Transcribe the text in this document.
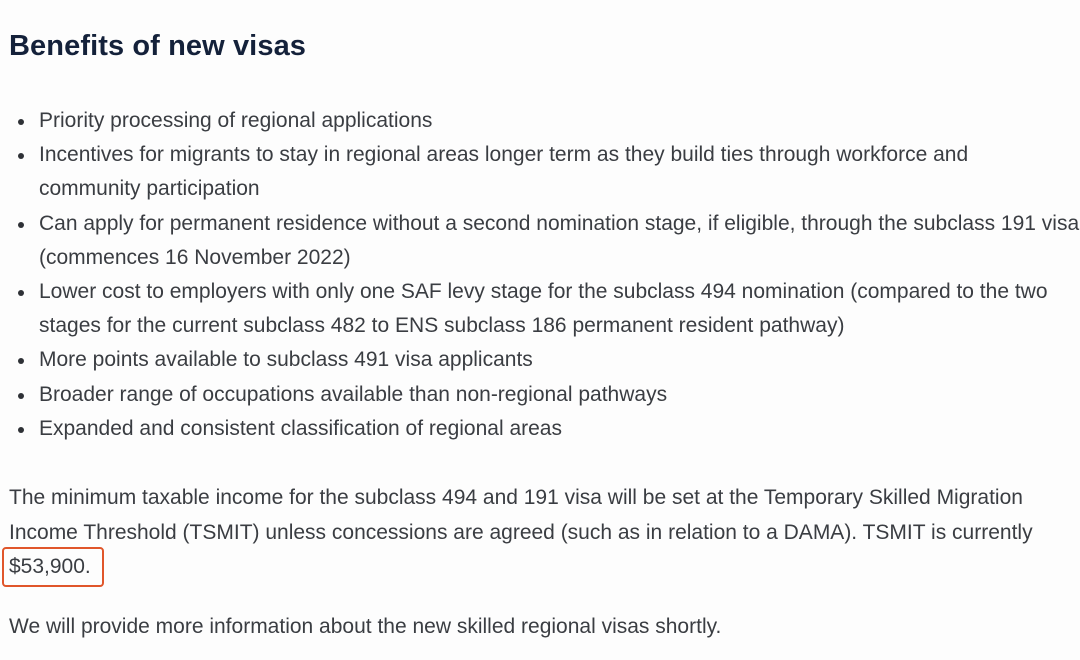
Benefits of new visas
Priority processing of regional applications
Incentives for migrants to stay in regional areas longer term as they build ties through workforce and
community participation
Can apply for permanent residence without a second nomination stage, if eligible, through the subclass 191 visa
(commences 16 November 2022)
Lower cost to employers with only one SAF levy stage for the subclass 494 nomination (compared to the two
stages for the current subclass 482 to ENS subclass 186 permanent resident pathway)
More points available to subclass 491 visa applicants
Broader range of occupations available than non-regional pathways
Expanded and consistent classification of regional areas

The minimum taxable income for the subclass 494 and 191 visa will be set at the Temporary Skilled Migration
Income Threshold (TSMIT) unless concessions are agreed (such as in relation to a DAMA). TSMIT is currently
$53,900.

We will provide more information about the new skilled regional visas shortly.
